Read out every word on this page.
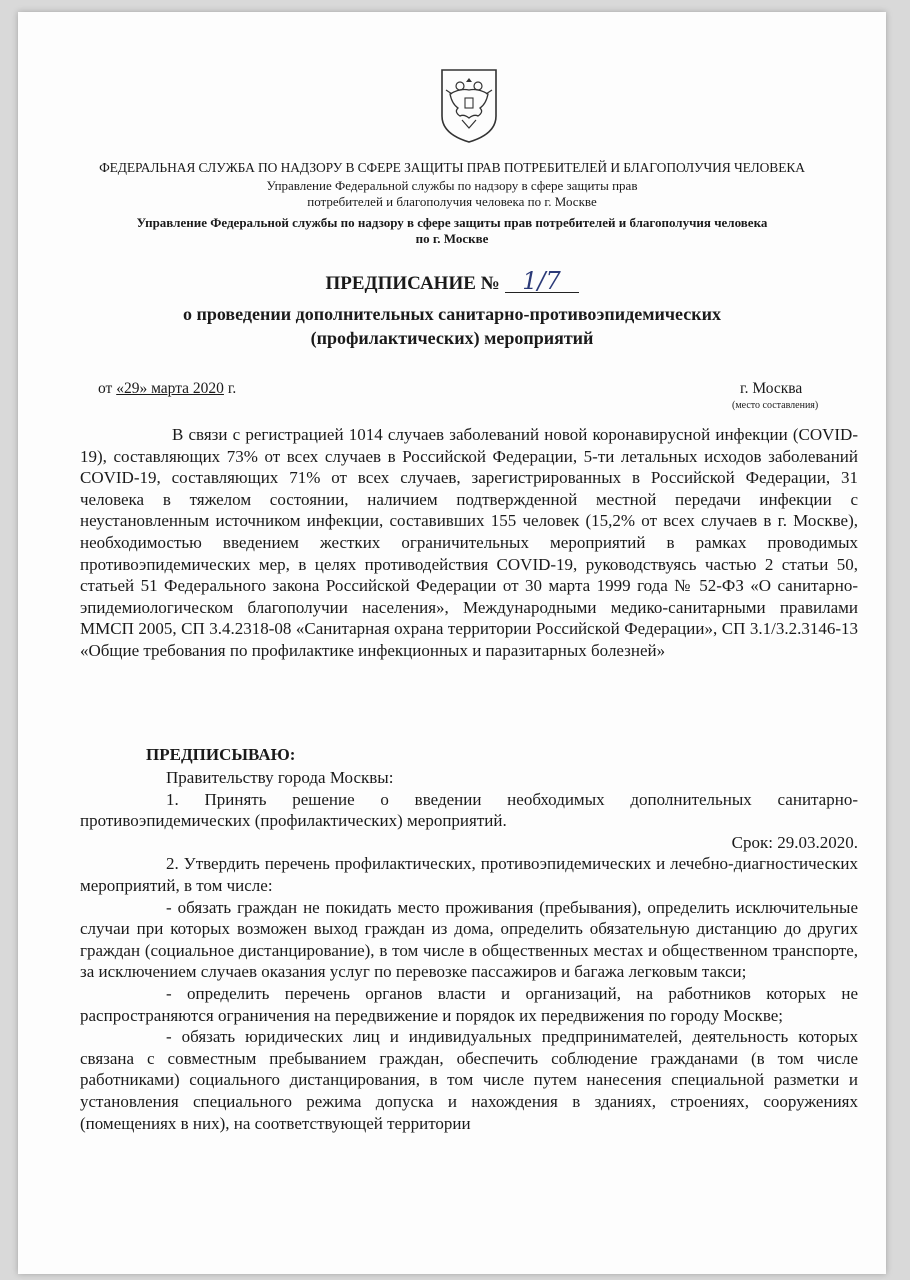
ФЕДЕРАЛЬНАЯ СЛУЖБА ПО НАДЗОРУ В СФЕРЕ ЗАЩИТЫ ПРАВ ПОТРЕБИТЕЛЕЙ И БЛАГОПОЛУЧИЯ ЧЕЛОВЕКА
Управление Федеральной службы по надзору в сфере защиты прав
потребителей и благополучия человека по г. Москве
Управление Федеральной службы по надзору в сфере защиты прав потребителей и благополучия человека
по г. Москве
ПРЕДПИСАНИЕ № 1/7
о проведении дополнительных санитарно-противоэпидемических
(профилактических) мероприятий
от «29» марта 2020 г.	г. Москва
(место составления)
В связи с регистрацией 1014 случаев заболеваний новой коронавирусной инфекции (COVID-19), составляющих 73% от всех случаев в Российской Федерации, 5-ти летальных исходов заболеваний COVID-19, составляющих 71% от всех случаев, зарегистрированных в Российской Федерации, 31 человека в тяжелом состоянии, наличием подтвержденной местной передачи инфекции с неустановленным источником инфекции, составивших 155 человек (15,2% от всех случаев в г. Москве), необходимостью введением жестких ограничительных мероприятий в рамках проводимых противоэпидемических мер, в целях противодействия COVID-19, руководствуясь частью 2 статьи 50, статьей 51 Федерального закона Российской Федерации от 30 марта 1999 года № 52-ФЗ «О санитарно-эпидемиологическом благополучии населения», Международными медико-санитарными правилами ММСП 2005, СП 3.4.2318-08 «Санитарная охрана территории Российской Федерации», СП 3.1/3.2.3146-13 «Общие требования по профилактике инфекционных и паразитарных болезней»
ПРЕДПИСЫВАЮ:

Правительству города Москвы:

1. Принять решение о введении необходимых дополнительных санитарно-противоэпидемических (профилактических) мероприятий.

Срок: 29.03.2020.

2. Утвердить перечень профилактических, противоэпидемических и лечебно-диагностических мероприятий, в том числе:

- обязать граждан не покидать место проживания (пребывания), определить исключительные случаи при которых возможен выход граждан из дома, определить обязательную дистанцию до других граждан (социальное дистанцирование), в том числе в общественных местах и общественном транспорте, за исключением случаев оказания услуг по перевозке пассажиров и багажа легковым такси;

- определить перечень органов власти и организаций, на работников которых не распространяются ограничения на передвижение и порядок их передвижения по городу Москве;

- обязать юридических лиц и индивидуальных предпринимателей, деятельность которых связана с совместным пребыванием граждан, обеспечить соблюдение гражданами (в том числе работниками) социального дистанцирования, в том числе путем нанесения специальной разметки и установления специального режима допуска и нахождения в зданиях, строениях, сооружениях (помещениях в них), на соответствующей территории
